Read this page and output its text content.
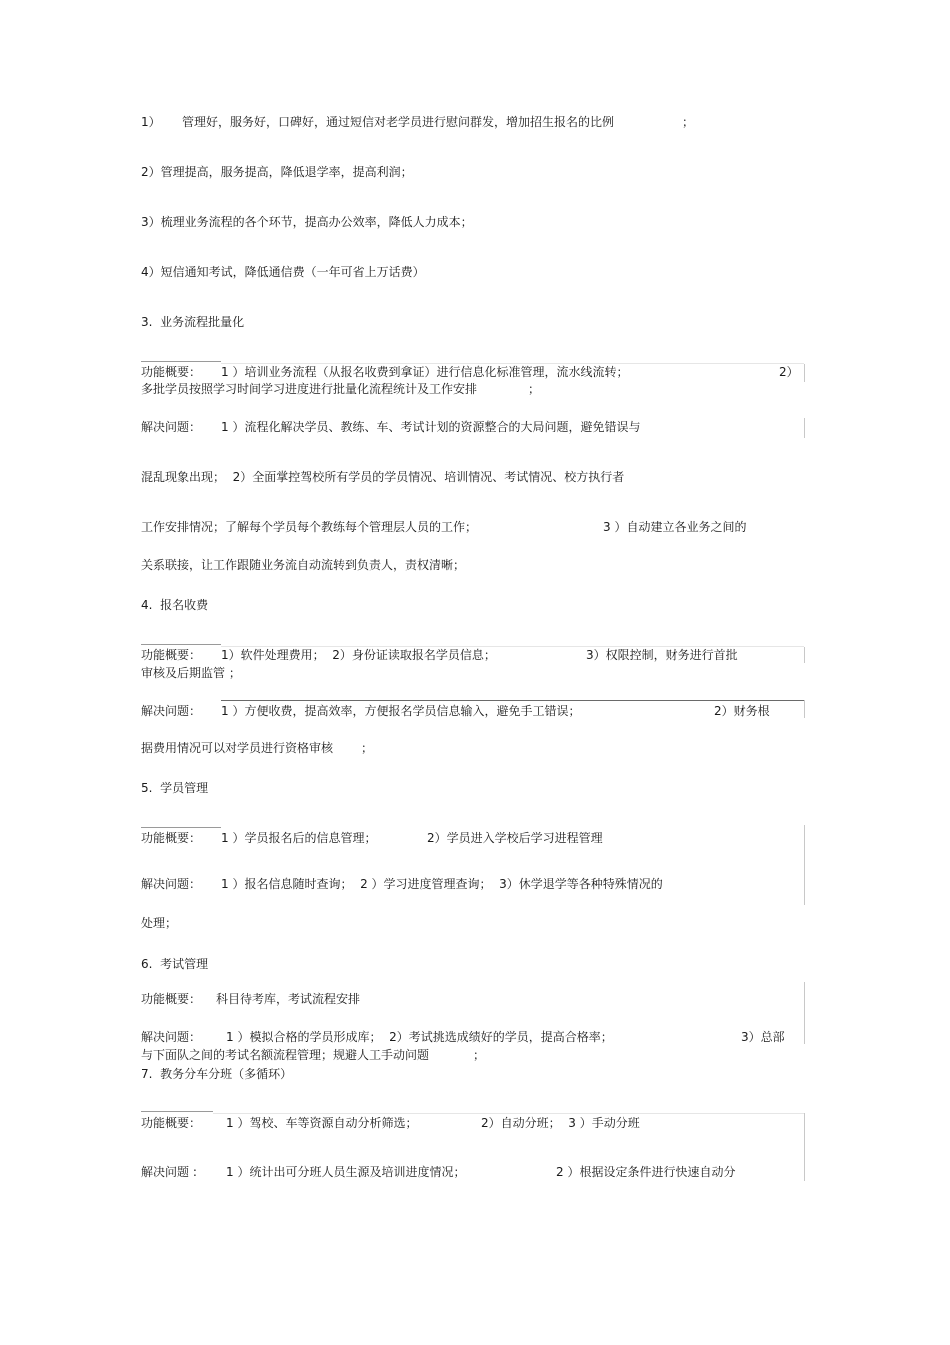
1） 管理好，服务好，口碑好，通过短信对老学员进行慰问群发，增加招生报名的比例	；
2）管理提高，服务提高，降低退学率，提高利润；
3）梳理业务流程的各个环节，提高办公效率，降低人力成本；
4）短信通知考试，降低通信费（一年可省上万话费）
3.  业务流程批量化
功能概要： 1 ）培训业务流程（从报名收费到拿证）进行信息化标准管理，流水线流转；	2）
多批学员按照学习时间学习进度进行批量化流程统计及工作安排	；
解决问题： 1 ）流程化解决学员、教练、车、考试计划的资源整合的大局问题，避免错误与
混乱现象出现；  2）全面掌控驾校所有学员的学员情况、培训情况、考试情况、校方执行者
工作安排情况；了解每个学员每个教练每个管理层人员的工作；	3 ）自动建立各业务之间的
关系联接，让工作跟随业务流自动流转到负责人，责权清晰；
4.  报名收费
功能概要： 1）软件处理费用；  2）身份证读取报名学员信息；	3）权限控制，财务进行首批
审核及后期监管 ；
解决问题： 1 ）方便收费，提高效率，方便报名学员信息输入，避免手工错误；	2）财务根
据费用情况可以对学员进行资格审核 ；
5.  学员管理
功能概要： 1 ）学员报名后的信息管理；	2）学员进入学校后学习进程管理
解决问题： 1 ）报名信息随时查询；  2 ）学习进度管理查询；  3）休学退学等各种特殊情况的
处理；
6.  考试管理
功能概要： 科目待考库，考试流程安排
解决问题： 1 ）模拟合格的学员形成库；  2）考试挑选成绩好的学员，提高合格率；	3）总部
与下面队之间的考试名额流程管理；规避人工手动问题	；
7.  教务分车分班（多循环）
功能概要： 1 ）驾校、车等资源自动分析筛选；	2）自动分班；  3 ）手动分班
解决问题 : 1 ）统计出可分班人员生源及培训进度情况；	2 ）根据设定条件进行快速自动分
